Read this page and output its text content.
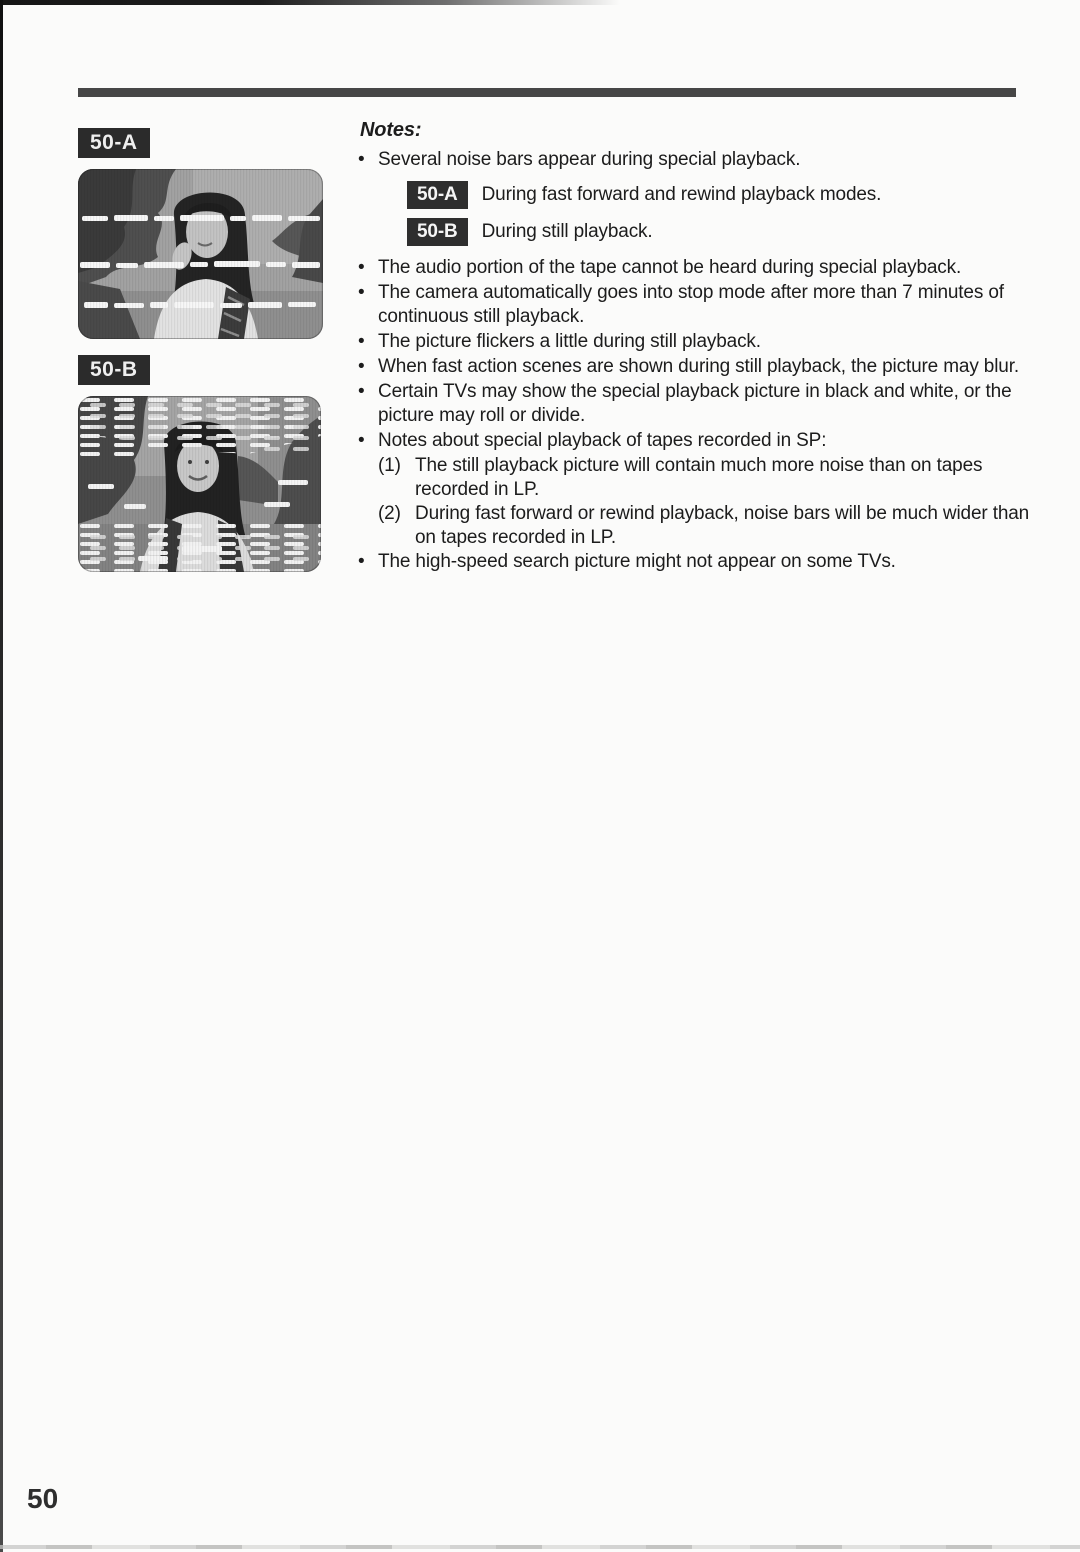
50-A
50-B
Notes:
• Several noise bars appear during special playback.
50-A	During fast forward and rewind playback modes.
50-B	During still playback.
• The audio portion of the tape cannot be heard during special playback.
• The camera automatically goes into stop mode after more than 7 minutes of continuous still playback.
• The picture flickers a little during still playback.
• When fast action scenes are shown during still playback, the picture may blur.
• Certain TVs may show the special playback picture in black and white, or the picture may roll or divide.
• Notes about special playback of tapes recorded in SP:
(1) The still playback picture will contain much more noise than on tapes recorded in LP.
(2) During fast forward or rewind playback, noise bars will be much wider than on tapes recorded in LP.
• The high-speed search picture might not appear on some TVs.
50
